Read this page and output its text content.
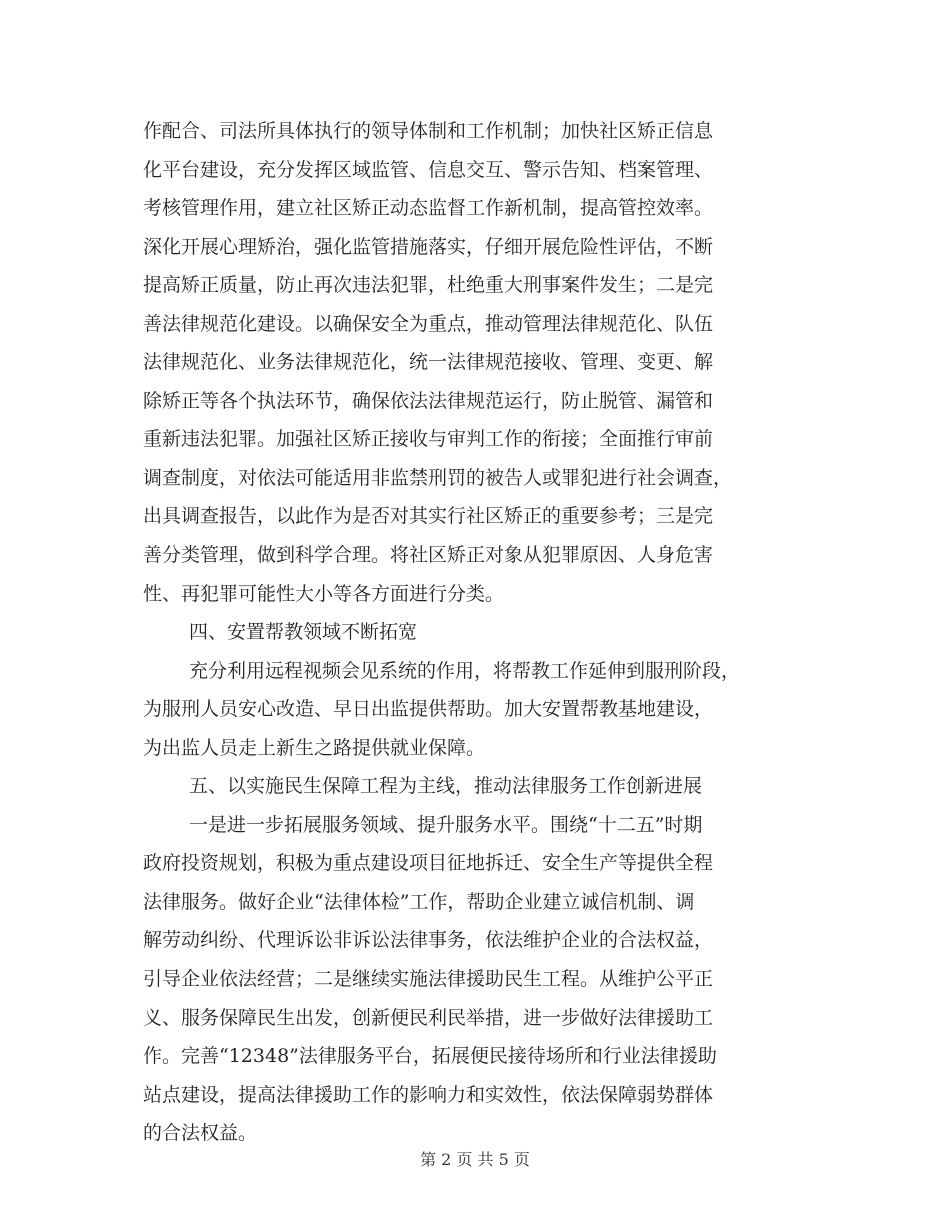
作配合、司法所具体执行的领导体制和工作机制；加快社区矫正信息
化平台建设，充分发挥区域监管、信息交互、警示告知、档案管理、
考核管理作用，建立社区矫正动态监督工作新机制，提高管控效率。
深化开展心理矫治，强化监管措施落实，仔细开展危险性评估，不断
提高矫正质量，防止再次违法犯罪，杜绝重大刑事案件发生；二是完
善法律规范化建设。以确保安全为重点，推动管理法律规范化、队伍
法律规范化、业务法律规范化，统一法律规范接收、管理、变更、解
除矫正等各个执法环节，确保依法法律规范运行，防止脱管、漏管和
重新违法犯罪。加强社区矫正接收与审判工作的衔接；全面推行审前
调查制度，对依法可能适用非监禁刑罚的被告人或罪犯进行社会调查，
出具调查报告，以此作为是否对其实行社区矫正的重要参考；三是完
善分类管理，做到科学合理。将社区矫正对象从犯罪原因、人身危害
性、再犯罪可能性大小等各方面进行分类。
四、安置帮教领域不断拓宽
充分利用远程视频会见系统的作用，将帮教工作延伸到服刑阶段，
为服刑人员安心改造、早日出监提供帮助。加大安置帮教基地建设，
为出监人员走上新生之路提供就业保障。
五、以实施民生保障工程为主线，推动法律服务工作创新进展
一是进一步拓展服务领域、提升服务水平。围绕“十二五”时期
政府投资规划，积极为重点建设项目征地拆迁、安全生产等提供全程
法律服务。做好企业“法律体检”工作，帮助企业建立诚信机制、调
解劳动纠纷、代理诉讼非诉讼法律事务，依法维护企业的合法权益，
引导企业依法经营；二是继续实施法律援助民生工程。从维护公平正
义、服务保障民生出发，创新便民利民举措，进一步做好法律援助工
作。完善“12348”法律服务平台，拓展便民接待场所和行业法律援助
站点建设，提高法律援助工作的影响力和实效性，依法保障弱势群体
的合法权益。
第 2 页 共 5 页
